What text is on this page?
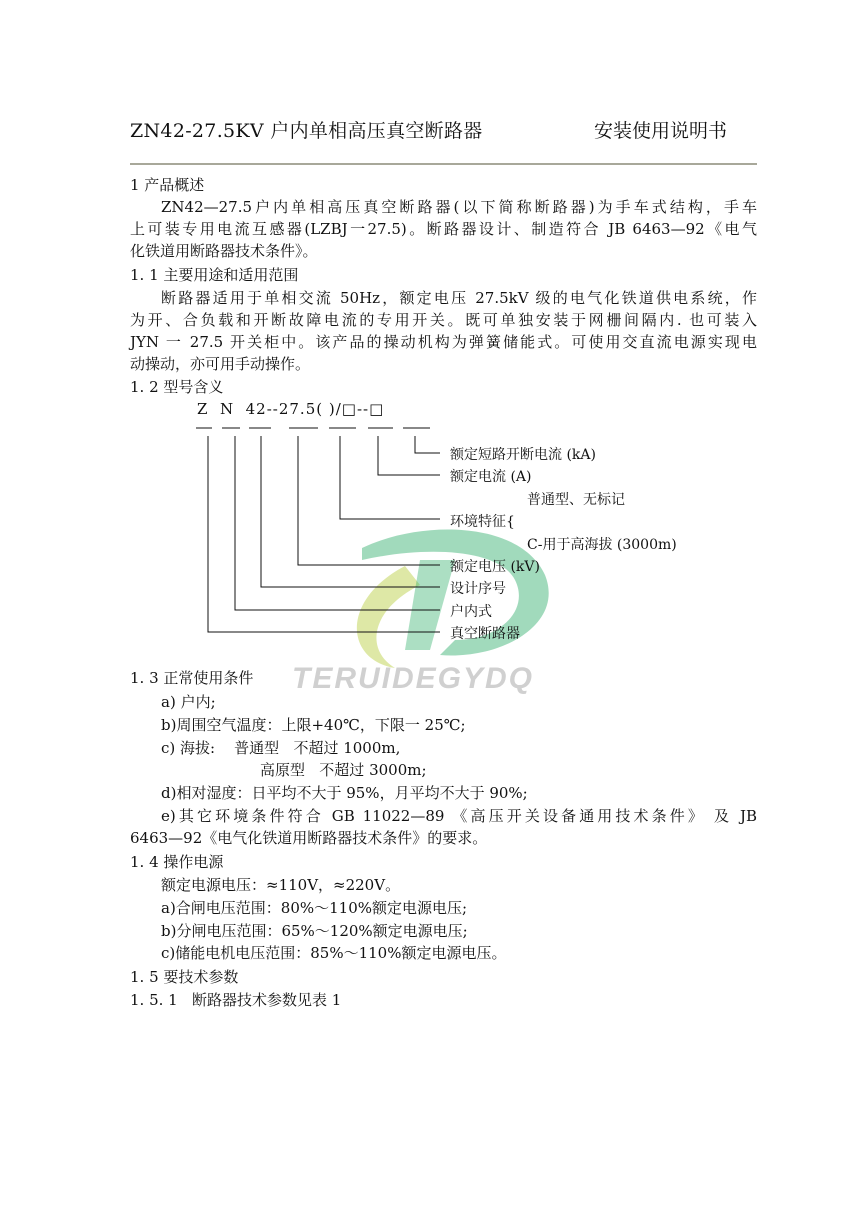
TERUIDEGYDQ
ZN42-27.5KV 户内单相高压真空断路器	安装使用说明书
1 产品概述
ZN42—27.5户内单相高压真空断路器(以下简称断路器)为手车式结构，手车
上可装专用电流互感器(LZBJ一27.5)。断路器设计、制造符合 JB 6463—92《电气
化铁道用断路器技术条件》。
1. 1 主要用途和适用范围
断路器适用于单相交流 50Hz，额定电压 27.5kV 级的电气化铁道供电系统，作
为开、合负载和开断故障电流的专用开关。既可单独安装于网栅间隔内. 也可装入
JYN 一 27.5 开关柜中。该产品的操动机构为弹簧储能式。可使用交直流电源实现电
动操动，亦可用手动操作。
1. 2 型号含义
Z  N  42--27.5( )/□--□
额定短路开断电流 (kA)
额定电流 (A)
普通型、无标记
环境特征{
C-用于高海拔 (3000m)
额定电压 (kV)
设计序号
户内式
真空断路器
1. 3 正常使用条件
a) 户内;
b)周围空气温度：上限+40℃，下限一 25℃;
c) 海拔:    普通型   不超过 1000m,
高原型   不超过 3000m;
d)相对湿度：日平均不大于 95%，月平均不大于 90%;
e)其它环境条件符合 GB 11022—89 《高压开关设备通用技术条件》 及 JB
6463—92《电气化铁道用断路器技术条件》的要求。
1. 4 操作电源
额定电源电压：≈110V，≈220V。
a)合闸电压范围：80%～110%额定电源电压;
b)分闸电压范围：65%～120%额定电源电压;
c)储能电机电压范围：85%～110%额定电源电压。
1. 5 要技术参数
1. 5. 1   断路器技术参数见表 1
